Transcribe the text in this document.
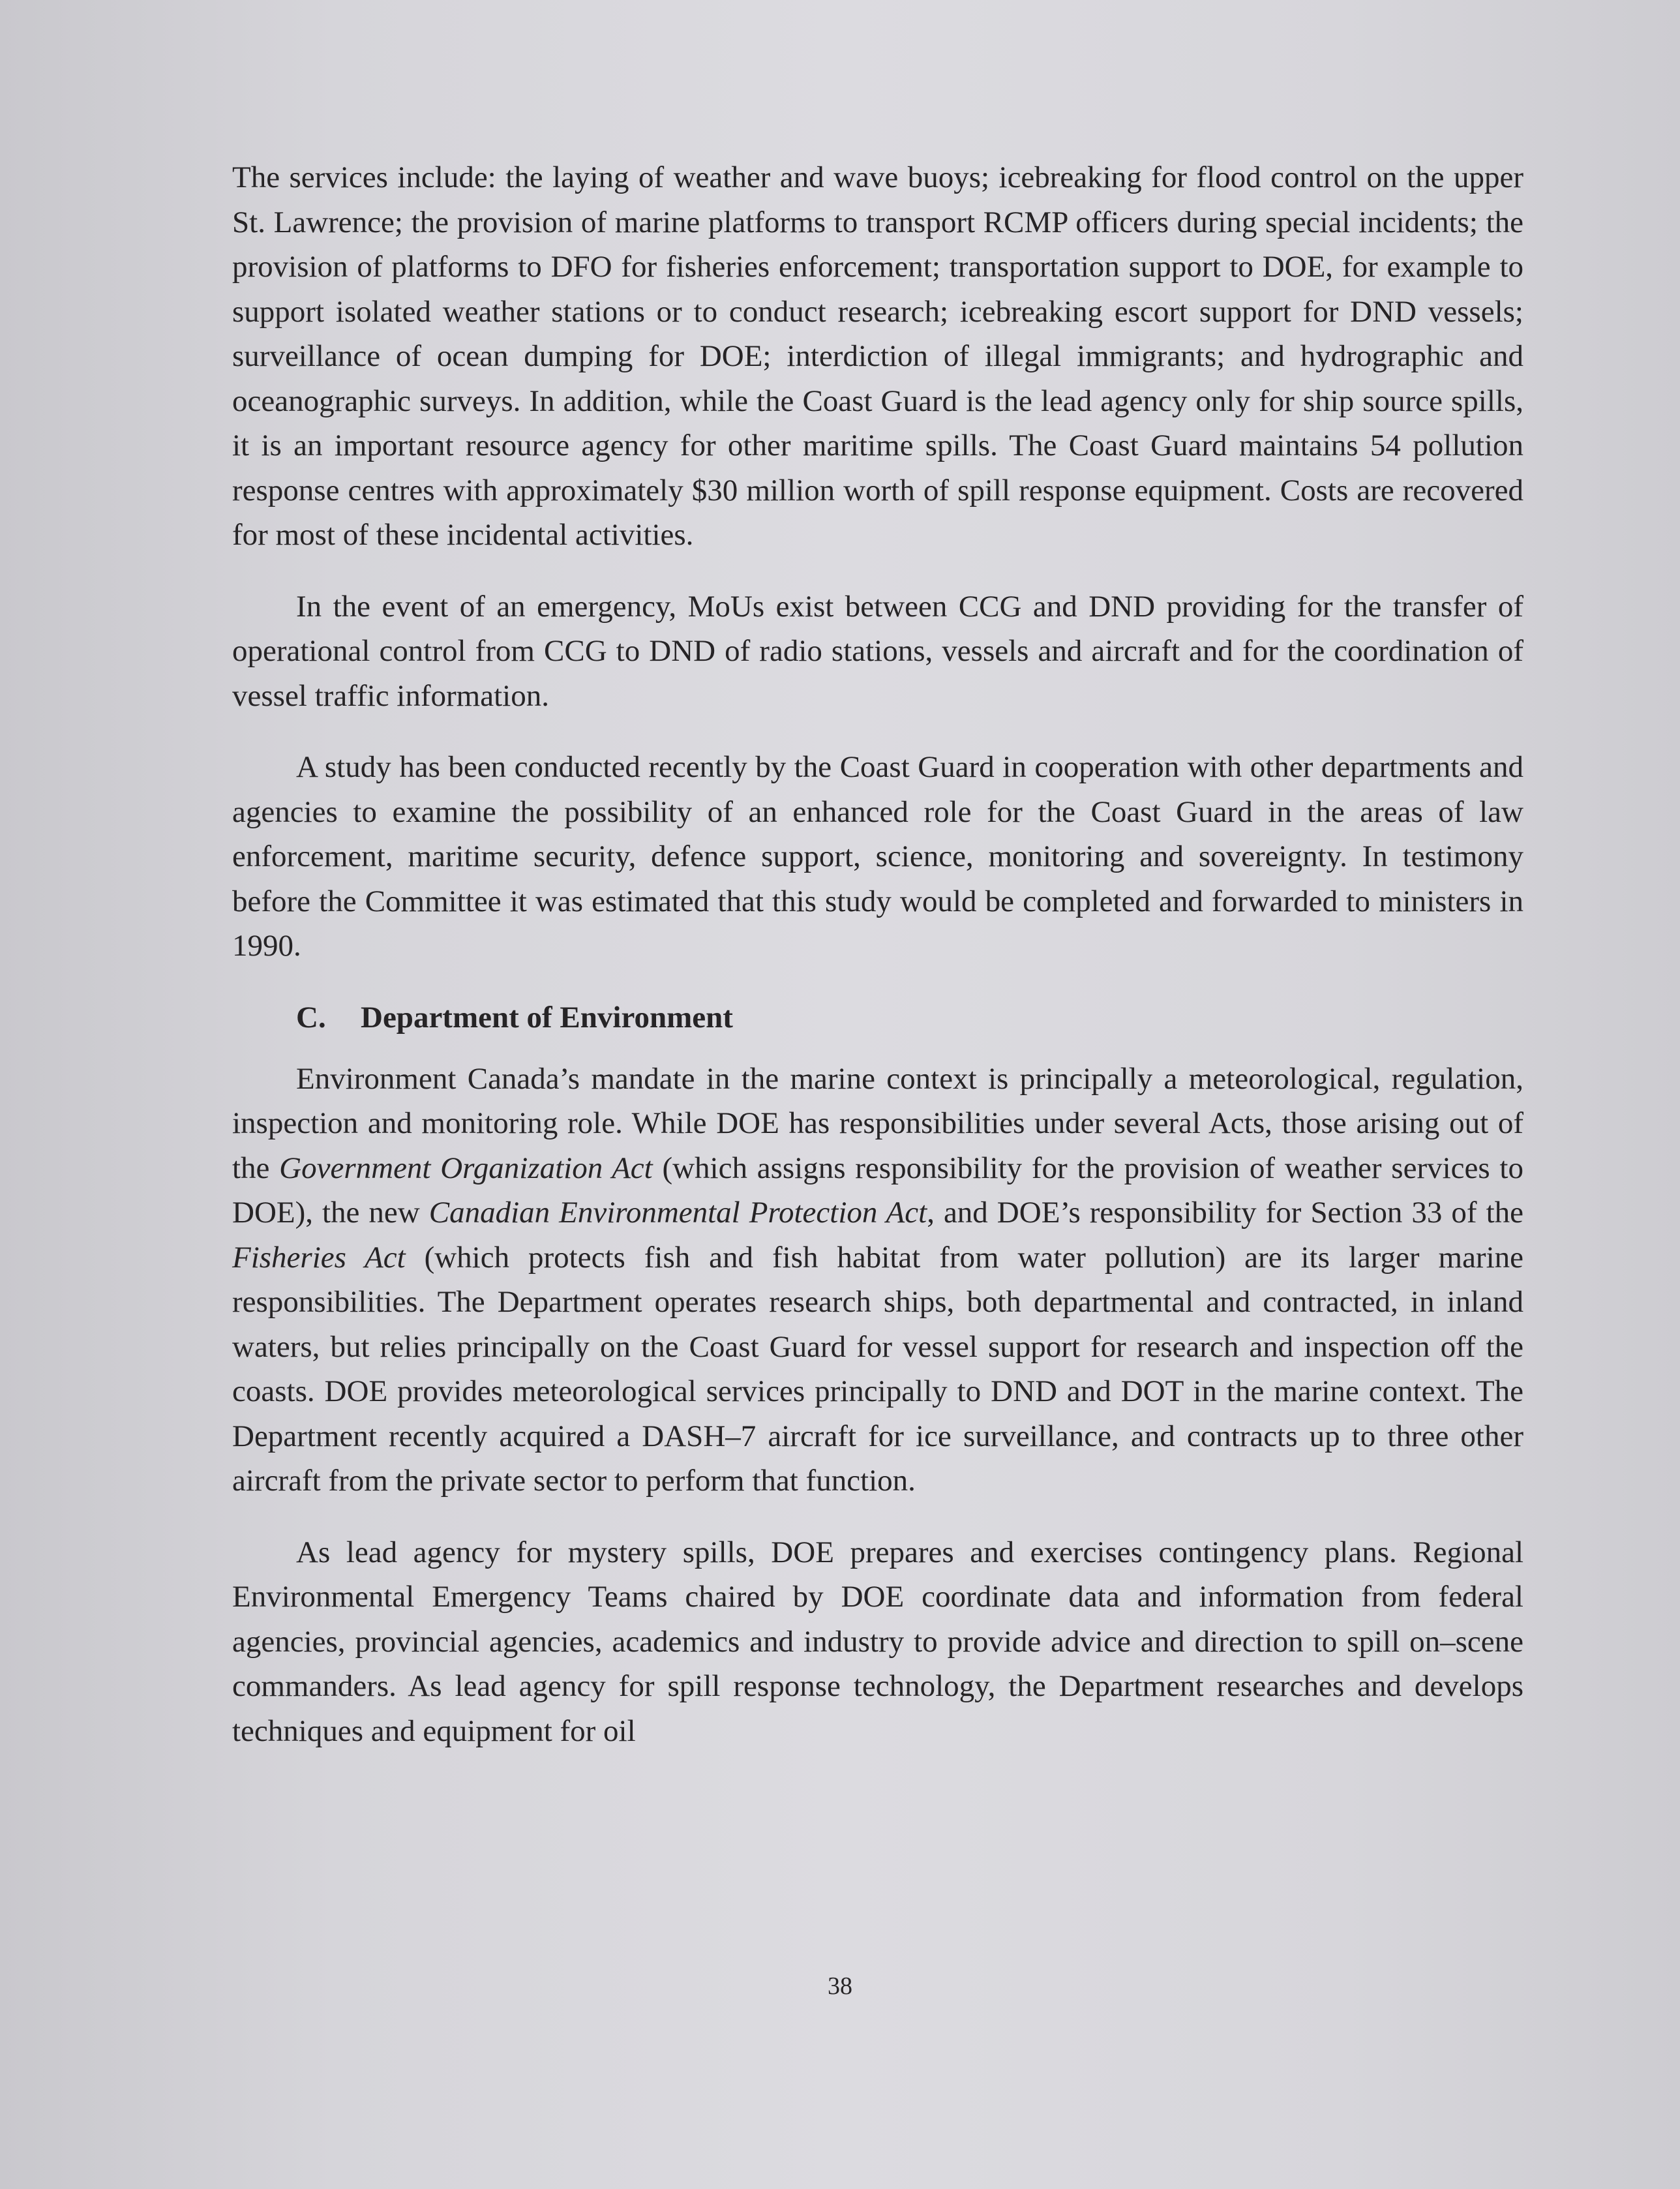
The services include: the laying of weather and wave buoys; icebreaking for flood control on the upper St. Lawrence; the provision of marine platforms to transport RCMP officers during special incidents; the provision of platforms to DFO for fisheries enforcement; transportation support to DOE, for example to support isolated weather stations or to conduct research; icebreaking escort support for DND vessels; surveillance of ocean dumping for DOE; interdiction of illegal immigrants; and hydrographic and oceanographic surveys. In addition, while the Coast Guard is the lead agency only for ship source spills, it is an important resource agency for other maritime spills. The Coast Guard maintains 54 pollution response centres with approximately $30 million worth of spill response equipment. Costs are recovered for most of these incidental activities.

In the event of an emergency, MoUs exist between CCG and DND providing for the transfer of operational control from CCG to DND of radio stations, vessels and aircraft and for the coordination of vessel traffic information.

A study has been conducted recently by the Coast Guard in cooperation with other departments and agencies to examine the possibility of an enhanced role for the Coast Guard in the areas of law enforcement, maritime security, defence support, science, monitoring and sovereignty. In testimony before the Committee it was estimated that this study would be completed and forwarded to ministers in 1990.

C. Department of Environment

Environment Canada’s mandate in the marine context is principally a meteorological, regulation, inspection and monitoring role. While DOE has responsibilities under several Acts, those arising out of the Government Organization Act (which assigns responsibility for the provision of weather services to DOE), the new Canadian Environmental Protection Act, and DOE’s responsibility for Section 33 of the Fisheries Act (which protects fish and fish habitat from water pollution) are its larger marine responsibilities. The Department operates research ships, both departmental and contracted, in inland waters, but relies principally on the Coast Guard for vessel support for research and inspection off the coasts. DOE provides meteorological services principally to DND and DOT in the marine context. The Department recently acquired a DASH–7 aircraft for ice surveillance, and contracts up to three other aircraft from the private sector to perform that function.

As lead agency for mystery spills, DOE prepares and exercises contingency plans. Regional Environmental Emergency Teams chaired by DOE coordinate data and information from federal agencies, provincial agencies, academics and industry to provide advice and direction to spill on–scene commanders. As lead agency for spill response technology, the Department researches and develops techniques and equipment for oil

38
